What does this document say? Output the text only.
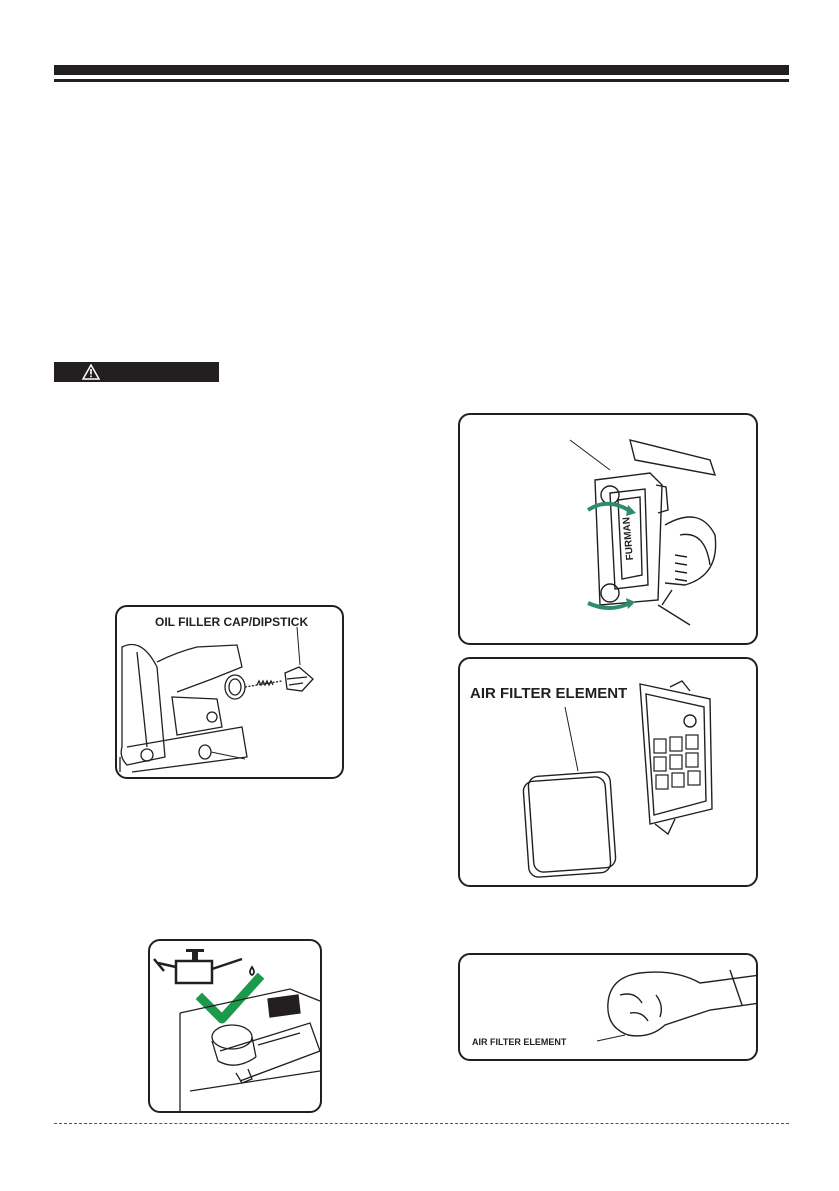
OIL FILLER CAP/DIPSTICK
FURMAN
AIR FILTER ELEMENT
AIR FILTER ELEMENT
